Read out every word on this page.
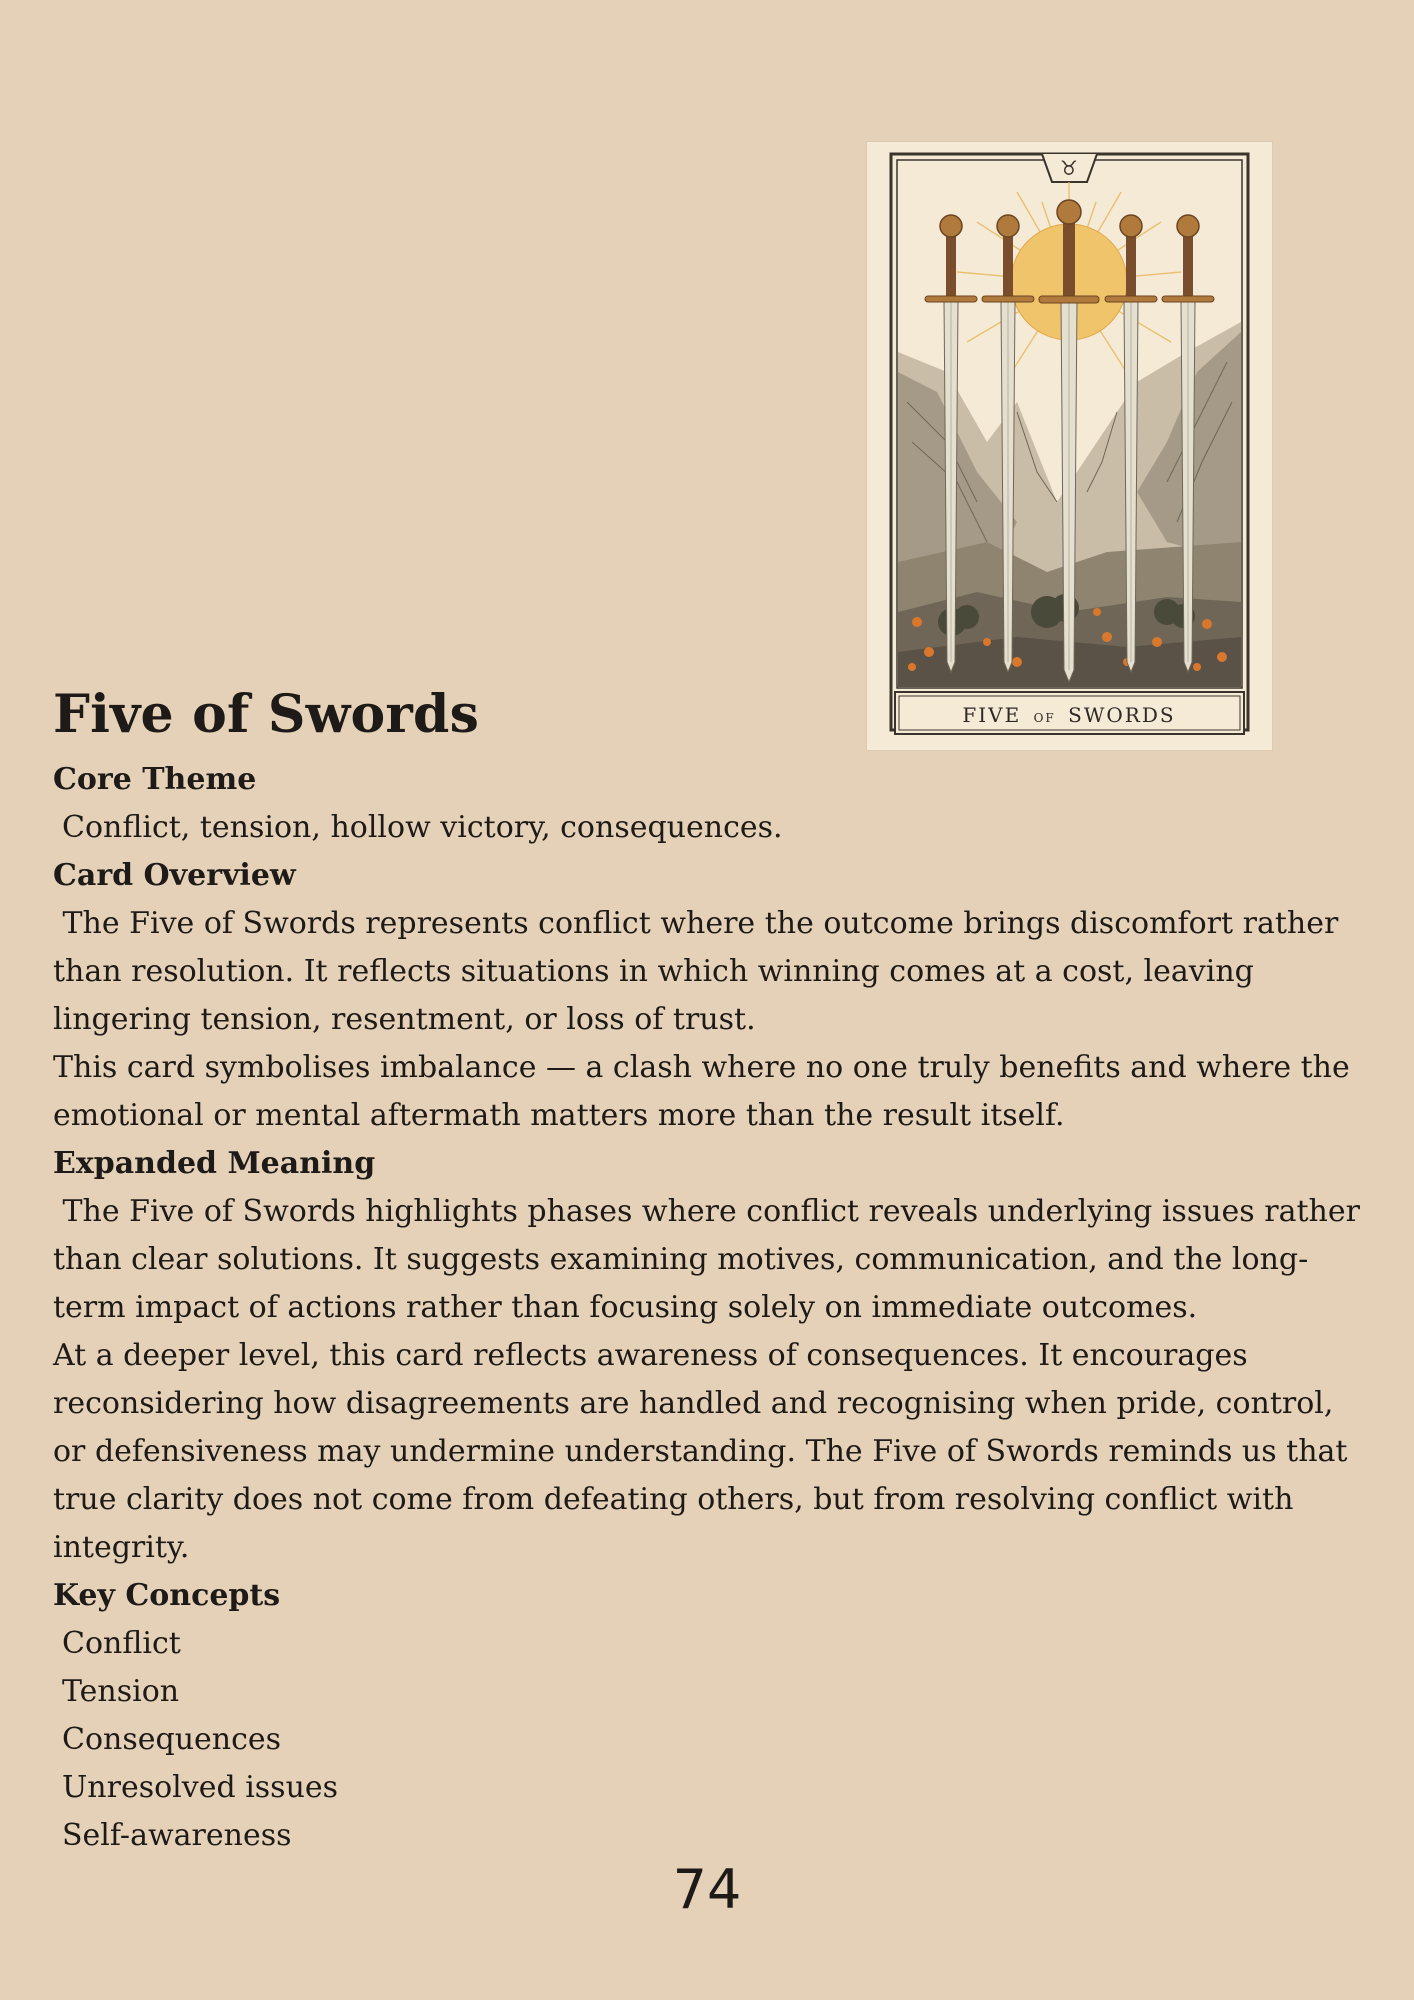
♉
FIVE OF SWORDS
Five of Swords
Core Theme
Conflict, tension, hollow victory, consequences.
Card Overview
The Five of Swords represents conflict where the outcome brings discomfort rather than resolution. It reflects situations in which winning comes at a cost, leaving lingering tension, resentment, or loss of trust.
This card symbolises imbalance — a clash where no one truly benefits and where the emotional or mental aftermath matters more than the result itself.
Expanded Meaning
The Five of Swords highlights phases where conflict reveals underlying issues rather than clear solutions. It suggests examining motives, communication, and the long-term impact of actions rather than focusing solely on immediate outcomes.
At a deeper level, this card reflects awareness of consequences. It encourages reconsidering how disagreements are handled and recognising when pride, control, or defensiveness may undermine understanding. The Five of Swords reminds us that true clarity does not come from defeating others, but from resolving conflict with integrity.
Key Concepts
Conflict
Tension
Consequences
Unresolved issues
Self-awareness
74
